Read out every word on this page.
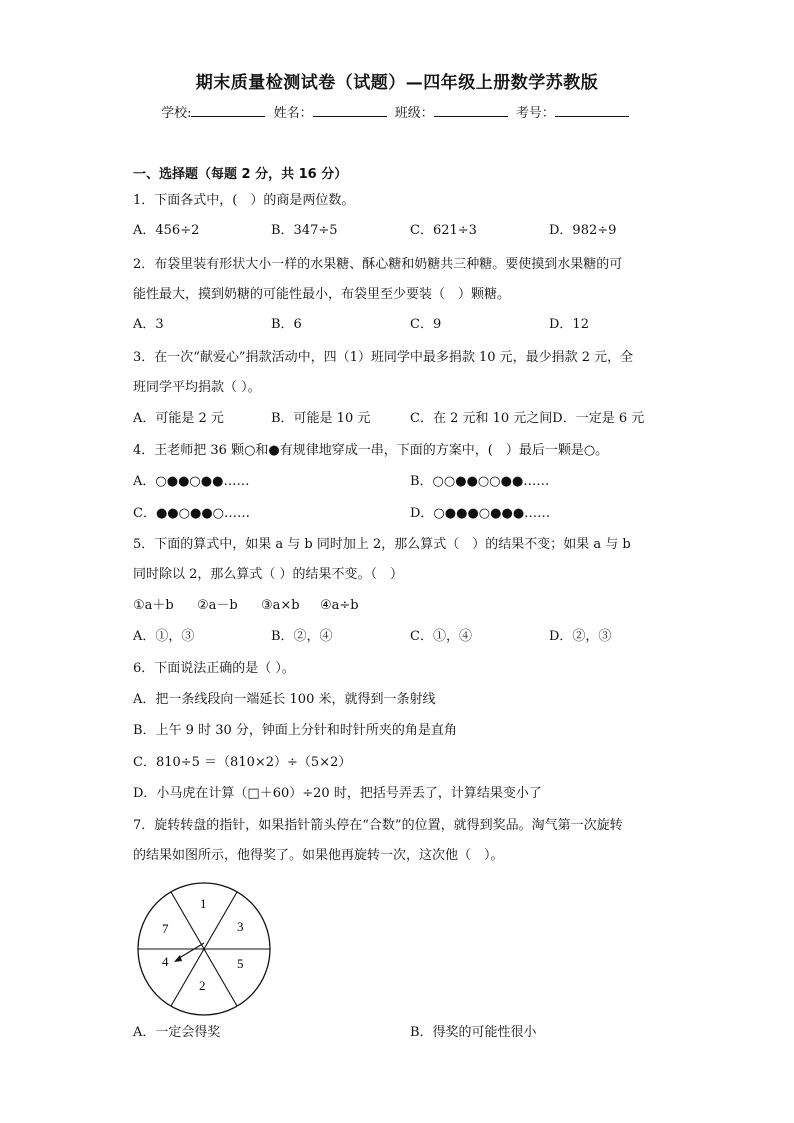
期末质量检测试卷（试题）—四年级上册数学苏教版
学校:	姓名：	班级：	考号：
一、选择题（每题 2 分，共 16 分）
1．下面各式中，(　）的商是两位数。
A．456÷2	B．347÷5	C．621÷3	D．982÷9
2．布袋里装有形状大小一样的水果糖、酥心糖和奶糖共三种糖。要使摸到水果糖的可
能性最大，摸到奶糖的可能性最小，布袋里至少要装（　）颗糖。
A．3	B．6	C．9	D．12
3．在一次“献爱心”捐款活动中，四（1）班同学中最多捐款 10 元，最少捐款 2 元，全
班同学平均捐款（ ）。
A．可能是 2 元	B．可能是 10 元	C．在 2 元和 10 元之间D．一定是 6 元
4．王老师把 36 颗○和●有规律地穿成一串，下面的方案中，(　）最后一颗是○。
A．○●●○●●……	B．○○●●○○●●……
C．●●○●●○……	D．○●●●○●●●……
5．下面的算式中，如果 a 与 b 同时加上 2，那么算式（　）的结果不变；如果 a 与 b
同时除以 2，那么算式（ ）的结果不变。（　）
①a＋b ②a－b ③a×b ④a÷b
A．①，③	B．②，④	C．①，④	D．②，③
6．下面说法正确的是（ ）。
A．把一条线段向一端延长 100 米，就得到一条射线
B．上午 9 时 30 分，钟面上分针和时针所夹的角是直角
C．810÷5 ＝（810×2）÷（5×2）
D．小马虎在计算（□＋60）÷20 时，把括号弄丢了，计算结果变小了
7．旋转转盘的指针，如果指针箭头停在“合数”的位置，就得到奖品。淘气第一次旋转
的结果如图所示，他得奖了。如果他再旋转一次，这次他（　）。
1
3
5
2
4
7
A．一定会得奖	B．得奖的可能性很小
